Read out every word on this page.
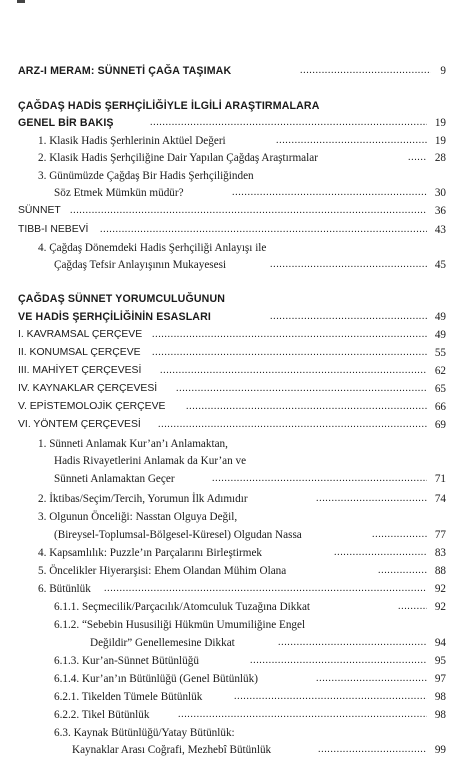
ARZ-I MERAM: SÜNNETİ ÇAĞA TAŞIMAK .....	9
ÇAĞDAŞ HADİS ŞERHÇİLİĞİYLE İLGİLİ ARAŞTIRMALARA
GENEL BİR BAKIŞ .....	19
1. Klasik Hadis Şerhlerinin Aktüel Değeri .....	19
2. Klasik Hadis Şerhçiliğine Dair Yapılan Çağdaş Araştırmalar .....	28
3. Günümüzde Çağdaş Bir Hadis Şerhçiliğinden
Söz Etmek Mümkün müdür? .....	30
SÜNNET .....	36
TIBB-I NEBEVİ .....	43
4. Çağdaş Dönemdeki Hadis Şerhçiliği Anlayışı ile
Çağdaş Tefsir Anlayışının Mukayesesi .....	45
ÇAĞDAŞ SÜNNET YORUMCULUĞUNUN
VE HADİS ŞERHÇİLİĞİNİN ESASLARI .....	49
I. KAVRAMSAL ÇERÇEVE .....	49
II. KONUMSAL ÇERÇEVE .....	55
III. MAHİYET ÇERÇEVESİ .....	62
IV. KAYNAKLAR ÇERÇEVESİ .....	65
V. EPİSTEMOLOJİK ÇERÇEVE .....	66
VI. YÖNTEM ÇERÇEVESİ .....	69
1. Sünneti Anlamak Kur’an’ı Anlamaktan,
Hadis Rivayetlerini Anlamak da Kur’an ve
Sünneti Anlamaktan Geçer .....	71
2. İktibas/Seçim/Tercih, Yorumun İlk Adımıdır .....	74
3. Olgunun Önceliği: Nasstan Olguya Değil,
(Bireysel-Toplumsal-Bölgesel-Küresel) Olgudan Nassa .....	77
4. Kapsamlılık: Puzzle’ın Parçalarını Birleştirmek .....	83
5. Öncelikler Hiyerarşisi: Ehem Olandan Mühim Olana .....	88
6. Bütünlük .....	92
6.1.1. Seçmecilik/Parçacılık/Atomculuk Tuzağına Dikkat .....	92
6.1.2. “Sebebin Hususiliği Hükmün Umumiliğine Engel
Değildir” Genellemesine Dikkat .....	94
6.1.3. Kur’an-Sünnet Bütünlüğü .....	95
6.1.4. Kur’an’ın Bütünlüğü (Genel Bütünlük) .....	97
6.2.1. Tikelden Tümele Bütünlük .....	98
6.2.2. Tikel Bütünlük .....	98
6.3. Kaynak Bütünlüğü/Yatay Bütünlük:
Kaynaklar Arası Coğrafi, Mezhebî Bütünlük .....	99
